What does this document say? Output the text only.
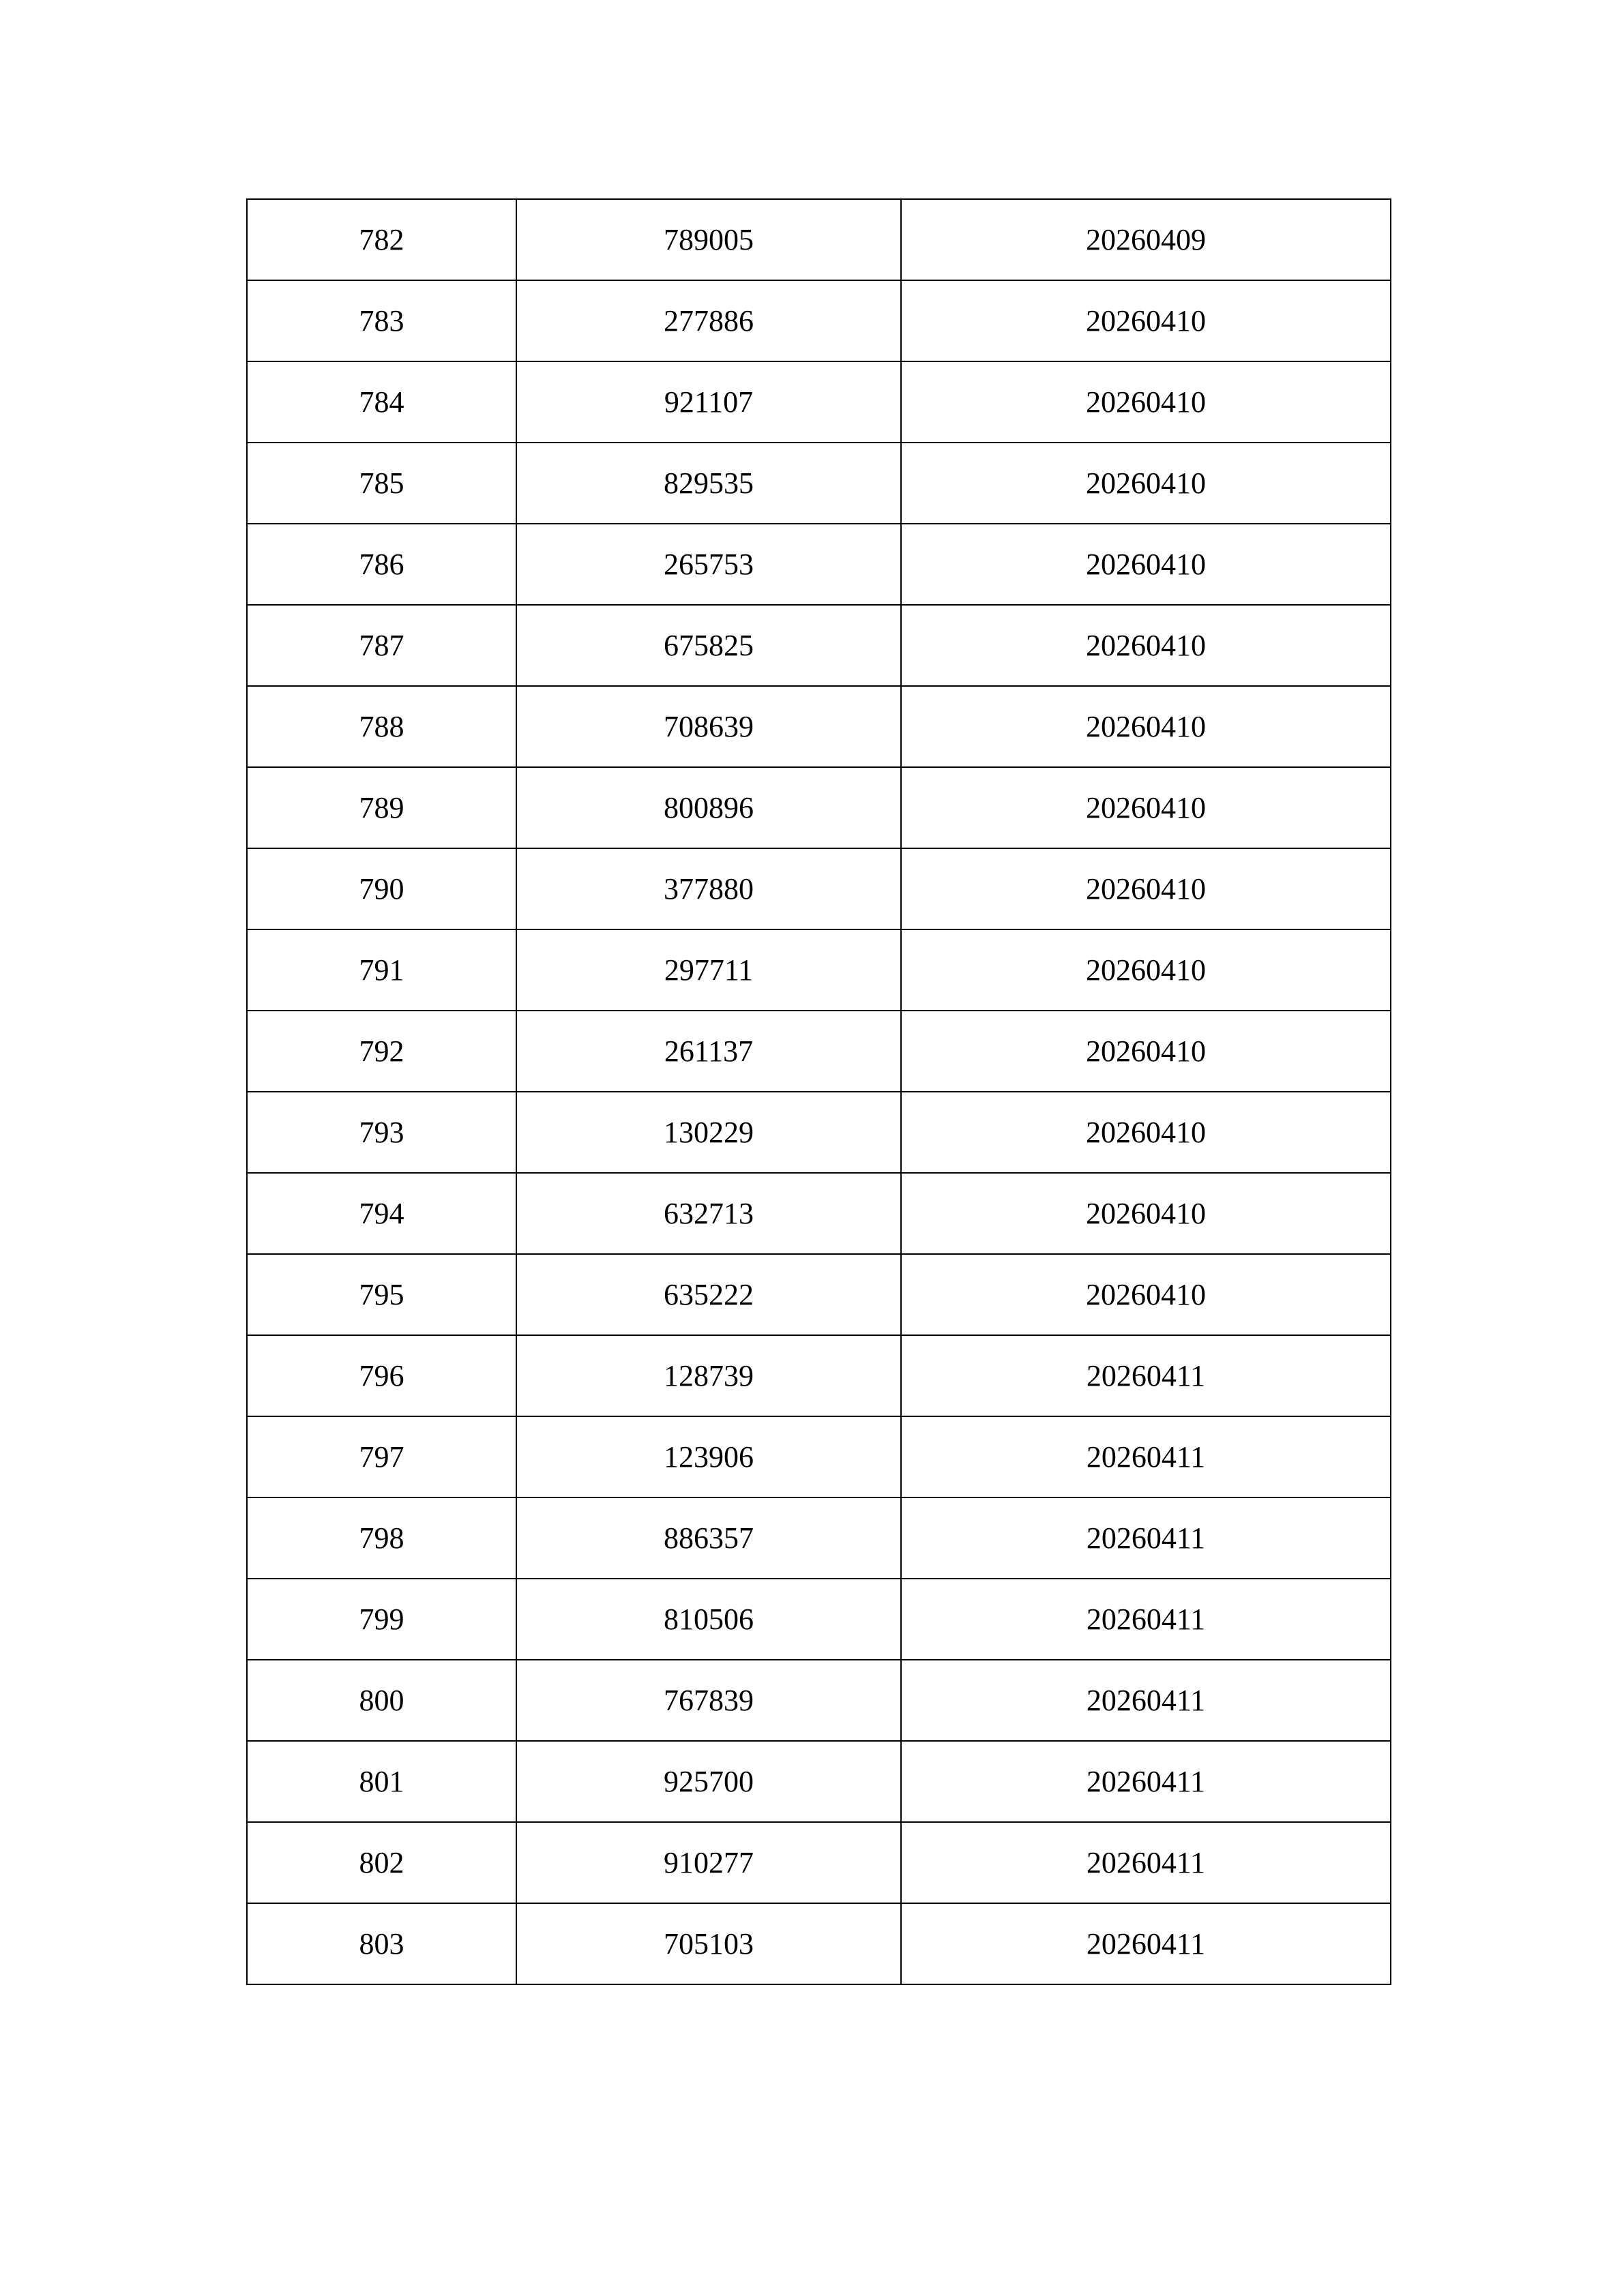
782	789005	20260409
783	277886	20260410
784	921107	20260410
785	829535	20260410
786	265753	20260410
787	675825	20260410
788	708639	20260410
789	800896	20260410
790	377880	20260410
791	297711	20260410
792	261137	20260410
793	130229	20260410
794	632713	20260410
795	635222	20260410
796	128739	20260411
797	123906	20260411
798	886357	20260411
799	810506	20260411
800	767839	20260411
801	925700	20260411
802	910277	20260411
803	705103	20260411
